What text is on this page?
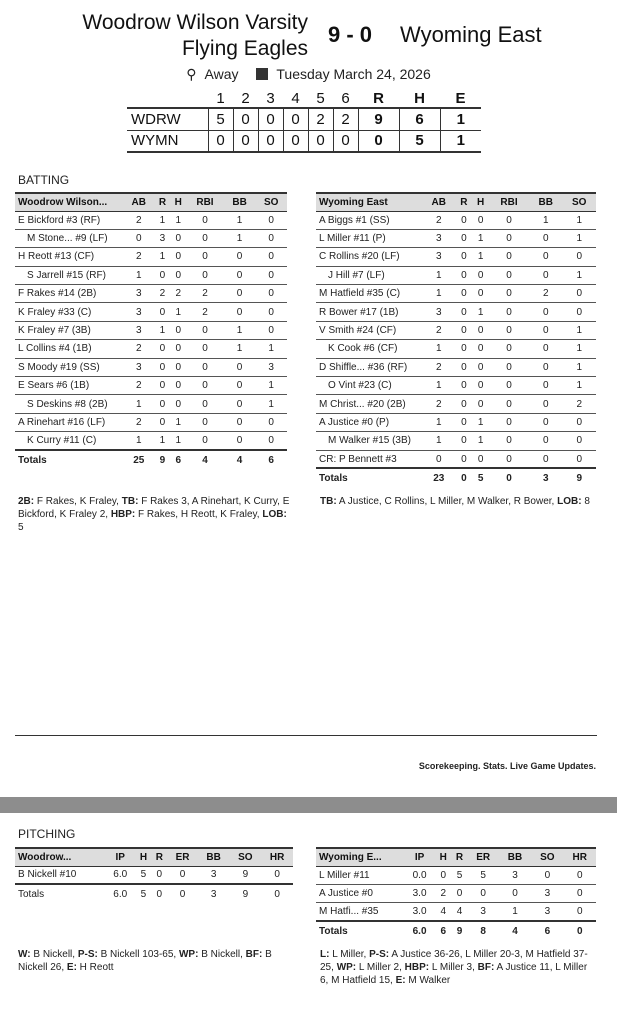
Woodrow Wilson Varsity
Flying Eagles
9 - 0 Wyoming East
⚲ Away	Tuesday March 24, 2026
	1	2	3	4	5	6	R	H	E
WDRW	5	0	0	0	2	2	9	6	1
WYMN	0	0	0	0	0	0	0	5	1
BATTING
Woodrow Wilson...	AB	R	H	RBI	BB	SO
E Bickford #3 (RF)	2	1	1	0	1	0
M Stone... #9 (LF)	0	3	0	0	1	0
H Reott #13 (CF)	2	1	0	0	0	0
S Jarrell #15 (RF)	1	0	0	0	0	0
F Rakes #14 (2B)	3	2	2	2	0	0
K Fraley #33 (C)	3	0	1	2	0	0
K Fraley #7 (3B)	3	1	0	0	1	0
L Collins #4 (1B)	2	0	0	0	1	1
S Moody #19 (SS)	3	0	0	0	0	3
E Sears #6 (1B)	2	0	0	0	0	1
S Deskins #8 (2B)	1	0	0	0	0	1
A Rinehart #16 (LF)	2	0	1	0	0	0
K Curry #11 (C)	1	1	1	0	0	0
Totals	25	9	6	4	4	6
Wyoming East	AB	R	H	RBI	BB	SO
A Biggs #1 (SS)	2	0	0	0	1	1
L Miller #11 (P)	3	0	1	0	0	1
C Rollins #20 (LF)	3	0	1	0	0	0
J Hill #7 (LF)	1	0	0	0	0	1
M Hatfield #35 (C)	1	0	0	0	2	0
R Bower #17 (1B)	3	0	1	0	0	0
V Smith #24 (CF)	2	0	0	0	0	1
K Cook #6 (CF)	1	0	0	0	0	1
D Shiffle... #36 (RF)	2	0	0	0	0	1
O Vint #23 (C)	1	0	0	0	0	1
M Christ... #20 (2B)	2	0	0	0	0	2
A Justice #0 (P)	1	0	1	0	0	0
M Walker #15 (3B)	1	0	1	0	0	0
CR: P Bennett #3	0	0	0	0	0	0
Totals	23	0	5	0	3	9
2B: F Rakes, K Fraley, TB: F Rakes 3, A Rinehart, K Curry, E Bickford, K Fraley 2, HBP: F Rakes, H Reott, K Fraley, LOB: 5
TB: A Justice, C Rollins, L Miller, M Walker, R Bower, LOB: 8
Scorekeeping. Stats. Live Game Updates.
PITCHING
Woodrow...	IP	H	R	ER	BB	SO	HR
B Nickell #10	6.0	5	0	0	3	9	0
Totals	6.0	5	0	0	3	9	0
Wyoming E...	IP	H	R	ER	BB	SO	HR
L Miller #11	0.0	0	5	5	3	0	0
A Justice #0	3.0	2	0	0	0	3	0
M Hatfi... #35	3.0	4	4	3	1	3	0
Totals	6.0	6	9	8	4	6	0
W: B Nickell, P-S: B Nickell 103-65, WP: B Nickell, BF: B Nickell 26, E: H Reott
L: L Miller, P-S: A Justice 36-26, L Miller 20-3, M Hatfield 37-25, WP: L Miller 2, HBP: L Miller 3, BF: A Justice 11, L Miller 6, M Hatfield 15, E: M Walker
